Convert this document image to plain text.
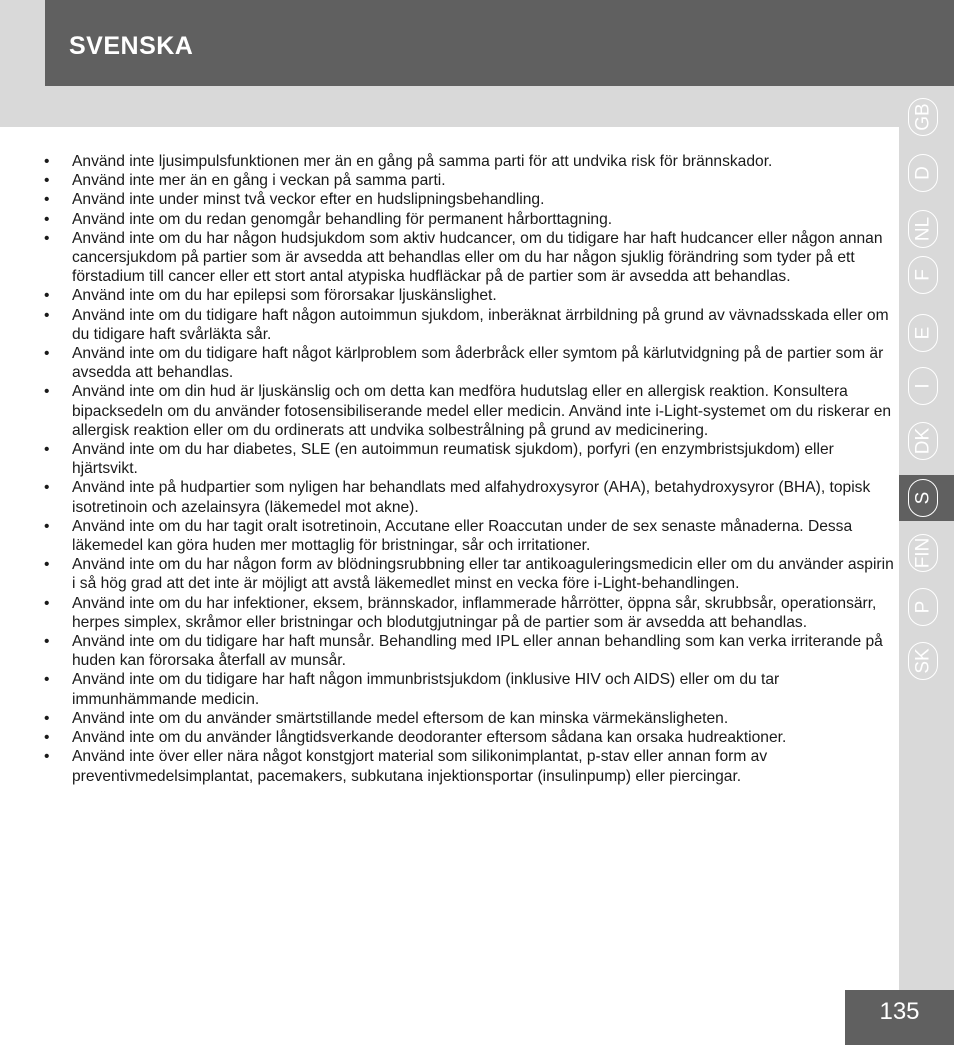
SVENSKA
GB
D
NL
F
E
I
DK
S
FIN
P
SK
• Använd inte ljusimpulsfunktionen mer än en gång på samma parti för att undvika risk för brännskador.
• Använd inte mer än en gång i veckan på samma parti.
• Använd inte under minst två veckor efter en hudslipningsbehandling.
• Använd inte om du redan genomgår behandling för permanent hårborttagning.
• Använd inte om du har någon hudsjukdom som aktiv hudcancer, om du tidigare har haft hudcancer eller någon annan cancersjukdom på partier som är avsedda att behandlas eller om du har någon sjuklig förändring som tyder på ett förstadium till cancer eller ett stort antal atypiska hudfläckar på de partier som är avsedda att behandlas.
• Använd inte om du har epilepsi som förorsakar ljuskänslighet.
• Använd inte om du tidigare haft någon autoimmun sjukdom, inberäknat ärrbildning på grund av vävnadsskada eller om du tidigare haft svårläkta sår.
• Använd inte om du tidigare haft något kärlproblem som åderbråck eller symtom på kärlutvidgning på de partier som är avsedda att behandlas.
• Använd inte om din hud är ljuskänslig och om detta kan medföra hudutslag eller en allergisk reaktion. Konsultera bipacksedeln om du använder fotosensibiliserande medel eller medicin. Använd inte i-Light-systemet om du riskerar en allergisk reaktion eller om du ordinerats att undvika solbestrålning på grund av medicinering.
• Använd inte om du har diabetes, SLE (en autoimmun reumatisk sjukdom), porfyri (en enzymbristsjukdom) eller hjärtsvikt.
• Använd inte på hudpartier som nyligen har behandlats med alfahydroxysyror (AHA), betahydroxysyror (BHA), topisk isotretinoin och azelainsyra (läkemedel mot akne).
• Använd inte om du har tagit oralt isotretinoin, Accutane eller Roaccutan under de sex senaste månaderna. Dessa läkemedel kan göra huden mer mottaglig för bristningar, sår och irritationer.
• Använd inte om du har någon form av blödningsrubbning eller tar antikoaguleringsmedicin eller om du använder aspirin i så hög grad att det inte är möjligt att avstå läkemedlet minst en vecka före i-Light-behandlingen.
• Använd inte om du har infektioner, eksem, brännskador, inflammerade hårrötter, öppna sår, skrubbsår, operationsärr, herpes simplex, skråmor eller bristningar och blodutgjutningar på de partier som är avsedda att behandlas.
• Använd inte om du tidigare har haft munsår. Behandling med IPL eller annan behandling som kan verka irriterande på huden kan förorsaka återfall av munsår.
• Använd inte om du tidigare har haft någon immunbristsjukdom (inklusive HIV och AIDS) eller om du tar immunhämmande medicin.
• Använd inte om du använder smärtstillande medel eftersom de kan minska värmekänsligheten.
• Använd inte om du använder långtidsverkande deodoranter eftersom sådana kan orsaka hudreaktioner.
• Använd inte över eller nära något konstgjort material som silikonimplantat, p-stav eller annan form av preventivmedelsimplantat, pacemakers, subkutana injektionsportar (insulinpump) eller piercingar.
135
